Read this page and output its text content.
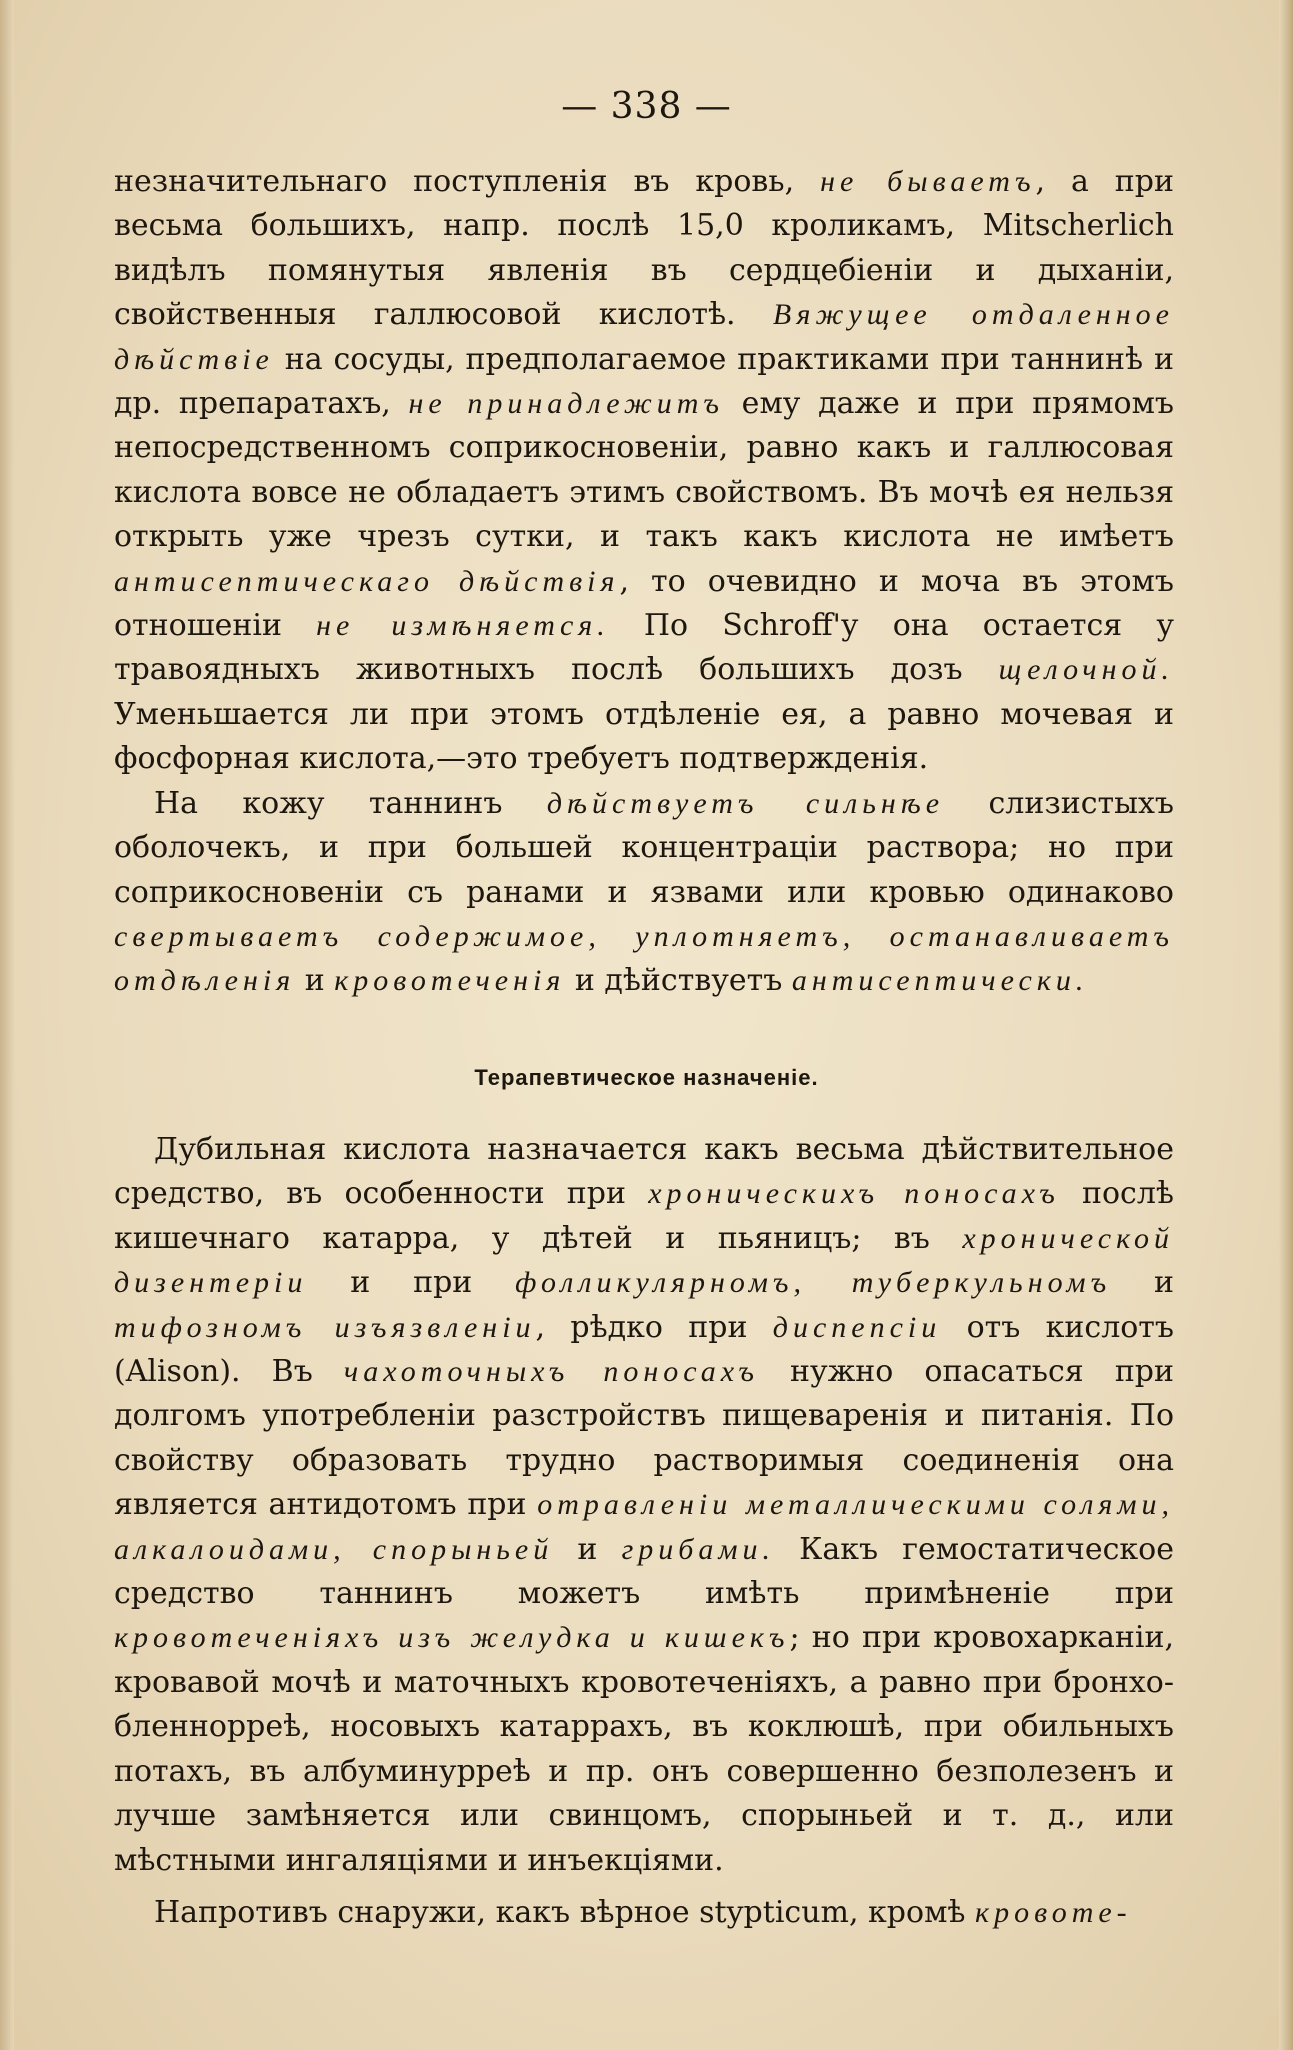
— 338 —

незначительнаго поступленія въ кровь, не бываетъ, а при весьма большихъ, напр. послѣ 15,0 кроликамъ, Mitscherlich видѣлъ помянутыя явленія въ сердцебіеніи и дыханіи, свойственныя галлюсовой кислотѣ. Вяжущее отдаленное дѣйствіе на сосуды, предполагаемое практиками при таннинѣ и др. препаратахъ, не принадлежитъ ему даже и при прямомъ непосредственномъ соприкосновеніи, равно какъ и галлюсовая кислота вовсе не обладаетъ этимъ свойствомъ. Въ мочѣ ея нельзя открыть уже чрезъ сутки, и такъ какъ кислота не имѣетъ антисептическаго дѣйствія, то очевидно и моча въ этомъ отношеніи не измѣняется. По Schroff'у она остается у травоядныхъ животныхъ послѣ большихъ дозъ щелочной. Уменьшается ли при этомъ отдѣленіе ея, а равно мочевая и фосфорная кислота,—это требуетъ подтвержденія.

На кожу таннинъ дѣйствуетъ сильнѣе слизистыхъ оболочекъ, и при большей концентраціи раствора; но при соприкосновеніи съ ранами и язвами или кровью одинаково свертываетъ содержимое, уплотняетъ, останавливаетъ отдѣленія и кровотеченія и дѣйствуетъ антисептически.

Терапевтическое назначеніе.

Дубильная кислота назначается какъ весьма дѣйствительное средство, въ особенности при хроническихъ поносахъ послѣ кишечнаго катарра, у дѣтей и пьяницъ; въ хронической дизентеріи и при фолликулярномъ, туберкульномъ и тифозномъ изъязвленіи, рѣдко при диспепсіи отъ кислотъ (Alison). Въ чахоточныхъ поносахъ нужно опасаться при долгомъ употребленіи разстройствъ пищеваренія и питанія. По свойству образовать трудно растворимыя соединенія она является антидотомъ при отравленіи металлическими солями, алкалоидами, спорыньей и грибами. Какъ гемостатическое средство таннинъ можетъ имѣть примѣненіе при кровотеченіяхъ изъ желудка и кишекъ; но при кровохарканіи, кровавой мочѣ и маточныхъ кровотеченіяхъ, а равно при бронхо-бленнорреѣ, носовыхъ катаррахъ, въ коклюшѣ, при обильныхъ потахъ, въ албуминурреѣ и пр. онъ совершенно безполезенъ и лучше замѣняется или свинцомъ, спорыньей и т. д., или мѣстными ингаляціями и инъекціями.

Напротивъ снаружи, какъ вѣрное stypticum, кромѣ кровоте-
